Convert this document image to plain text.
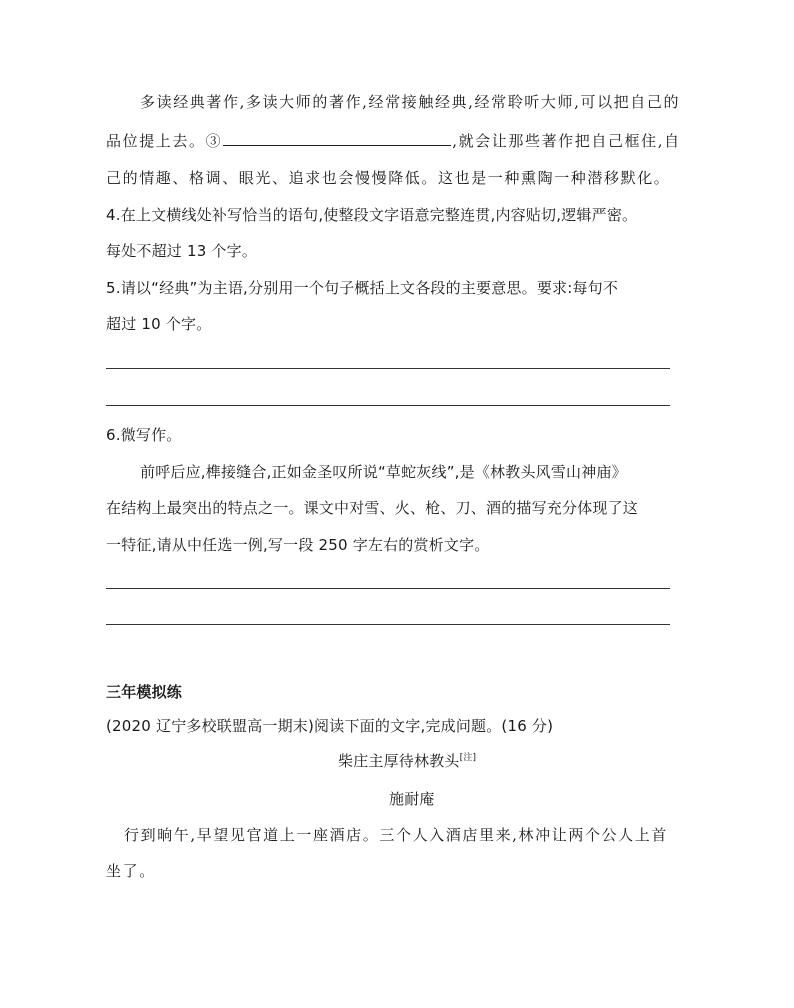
多读经典著作,多读大师的著作,经常接触经典,经常聆听大师,可以把自己的
品位提上去。③	,就会让那些著作把自己框住,自
己的情趣、格调、眼光、追求也会慢慢降低。这也是一种熏陶一种潜移默化。
4.在上文横线处补写恰当的语句,使整段文字语意完整连贯,内容贴切,逻辑严密。
每处不超过 13 个字。
5.请以“经典”为主语,分别用一个句子概括上文各段的主要意思。要求:每句不
超过 10 个字。
6.微写作。
前呼后应,榫接缝合,正如金圣叹所说“草蛇灰线”,是《林教头风雪山神庙》
在结构上最突出的特点之一。课文中对雪、火、枪、刀、酒的描写充分体现了这
一特征,请从中任选一例,写一段 250 字左右的赏析文字。
三年模拟练
(2020 辽宁多校联盟高一期末)阅读下面的文字,完成问题。(16 分)
柴庄主厚待林教头[注]
施耐庵
行到晌午,早望见官道上一座酒店。三个人入酒店里来,林冲让两个公人上首
坐了。
